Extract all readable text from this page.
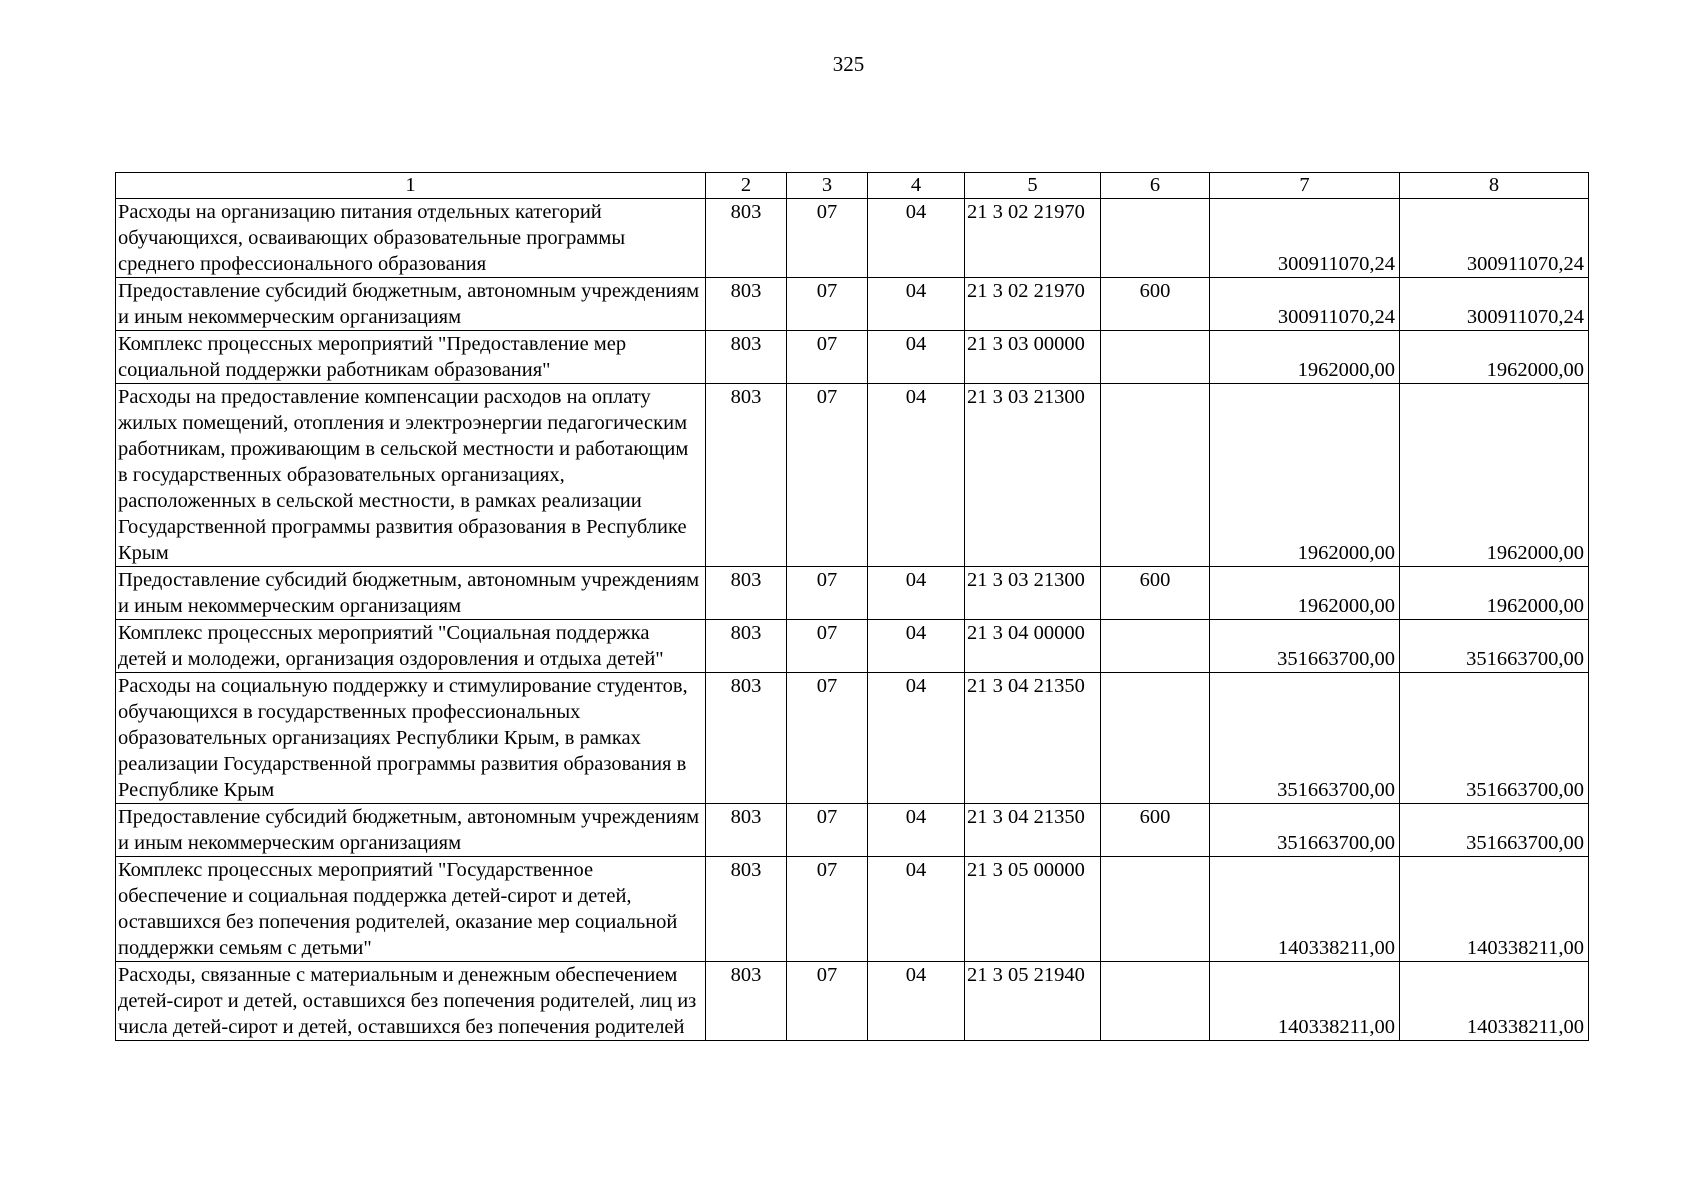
325
1	2	3	4	5	6	7	8
Расходы на организацию питания отдельных категорий обучающихся, осваивающих образовательные программы среднего профессионального образования	803	07	04	21 3 02 21970		300911070,24	300911070,24
Предоставление субсидий бюджетным, автономным учреждениям и иным некоммерческим организациям	803	07	04	21 3 02 21970	600	300911070,24	300911070,24
Комплекс процессных мероприятий "Предоставление мер социальной поддержки работникам образования"	803	07	04	21 3 03 00000		1962000,00	1962000,00
Расходы на предоставление компенсации расходов на оплату жилых помещений, отопления и электроэнергии педагогическим работникам, проживающим в сельской местности и работающим в государственных образовательных организациях, расположенных в сельской местности, в рамках реализации Государственной программы развития образования в Республике Крым	803	07	04	21 3 03 21300		1962000,00	1962000,00
Предоставление субсидий бюджетным, автономным учреждениям и иным некоммерческим организациям	803	07	04	21 3 03 21300	600	1962000,00	1962000,00
Комплекс процессных мероприятий "Социальная поддержка детей и молодежи, организация оздоровления и отдыха детей"	803	07	04	21 3 04 00000		351663700,00	351663700,00
Расходы на социальную поддержку и стимулирование студентов, обучающихся в государственных профессиональных образовательных организациях Республики Крым, в рамках реализации Государственной программы развития образования в Республике Крым	803	07	04	21 3 04 21350		351663700,00	351663700,00
Предоставление субсидий бюджетным, автономным учреждениям и иным некоммерческим организациям	803	07	04	21 3 04 21350	600	351663700,00	351663700,00
Комплекс процессных мероприятий "Государственное обеспечение и социальная поддержка детей-сирот и детей, оставшихся без попечения родителей, оказание мер социальной поддержки семьям с детьми"	803	07	04	21 3 05 00000		140338211,00	140338211,00
Расходы, связанные с материальным и денежным обеспечением детей-сирот и детей, оставшихся без попечения родителей, лиц из числа детей-сирот и детей, оставшихся без попечения родителей	803	07	04	21 3 05 21940		140338211,00	140338211,00
